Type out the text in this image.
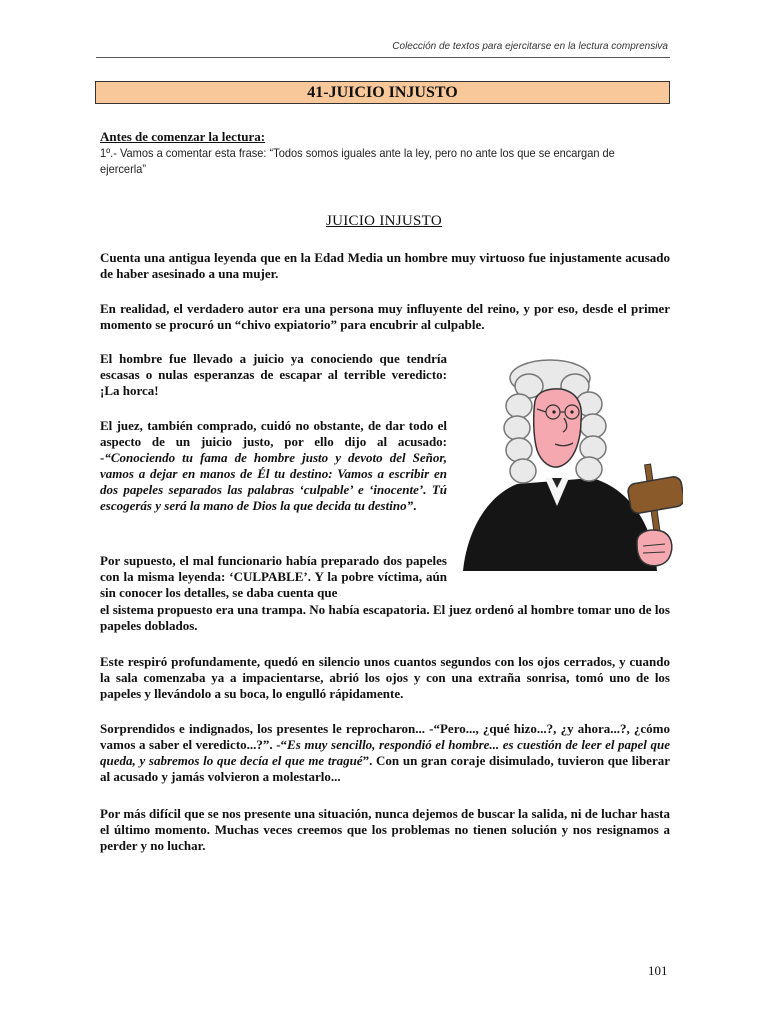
Colección de textos para ejercitarse en la lectura comprensiva
41-JUICIO INJUSTO
Antes de comenzar la lectura:
1º.- Vamos a comentar esta frase: “Todos somos iguales ante la ley, pero no ante los que se encargan de ejercerla”
JUICIO INJUSTO

Cuenta una antigua leyenda que en la Edad Media un hombre muy virtuoso fue injustamente acusado de haber asesinado a una mujer.

En realidad, el verdadero autor era una persona muy influyente del reino, y por eso, desde el primer momento se procuró un “chivo expiatorio” para encubrir al culpable.

El hombre fue llevado a juicio ya conociendo que tendría escasas o nulas esperanzas de escapar al terrible veredicto: ¡La horca!

El juez, también comprado, cuidó no obstante, de dar todo el aspecto de un juicio justo, por ello dijo al acusado: -“Conociendo tu fama de hombre justo y devoto del Señor, vamos a dejar en manos de Él tu destino: Vamos a escribir en dos papeles separados las palabras ‘culpable’ e ‘inocente’. Tú escogerás y será la mano de Dios la que decida tu destino”.

Por supuesto, el mal funcionario había preparado dos papeles con la misma leyenda: ‘CULPABLE’. Y la pobre víctima, aún sin conocer los detalles, se daba cuenta que

el sistema propuesto era una trampa. No había escapatoria. El juez ordenó al hombre tomar uno de los papeles doblados.

Este respiró profundamente, quedó en silencio unos cuantos segundos con los ojos cerrados, y cuando la sala comenzaba ya a impacientarse, abrió los ojos y con una extraña sonrisa, tomó uno de los papeles y llevándolo a su boca, lo engulló rápidamente.

Sorprendidos e indignados, los presentes le reprocharon... -“Pero..., ¿qué hizo...?, ¿y ahora...?, ¿cómo vamos a saber el veredicto...?”. -“Es muy sencillo, respondió el hombre... es cuestión de leer el papel que queda, y sabremos lo que decía el que me tragué”. Con un gran coraje disimulado, tuvieron que liberar al acusado y jamás volvieron a molestarlo...

Por más difícil que se nos presente una situación, nunca dejemos de buscar la salida, ni de luchar hasta el último momento. Muchas veces creemos que los problemas no tienen solución y nos resignamos a perder y no luchar.

101
